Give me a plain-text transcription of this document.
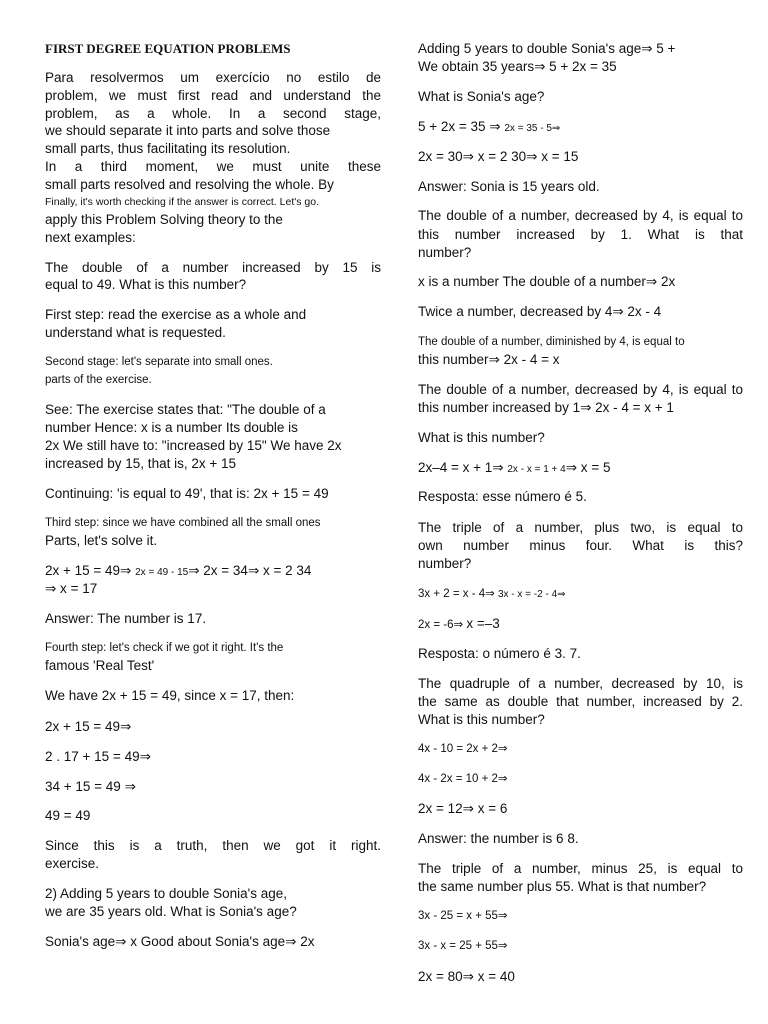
FIRST DEGREE EQUATION PROBLEMS

Para resolvermos um exercício no estilo de

problem, we must first read and understand the

problem, as a whole. In a second stage,

we should separate it into parts and solve those

small parts, thus facilitating its resolution.

In a third moment, we must unite these

small parts resolved and resolving the whole. By

Finally, it's worth checking if the answer is correct. Let's go.

apply this Problem Solving theory to the

next examples:

The double of a number increased by 15 is

equal to 49. What is this number?

First step: read the exercise as a whole and

understand what is requested.

Second stage: let's separate into small ones.

parts of the exercise.

See: The exercise states that: "The double of a

number Hence: x is a number Its double is

2x We still have to: "increased by 15" We have 2x

increased by 15, that is, 2x + 15

Continuing: 'is equal to 49', that is: 2x + 15 = 49

Third step: since we have combined all the small ones

Parts, let's solve it.

2x + 15 = 49⇒ 2x = 49 - 15⇒ 2x = 34⇒ x = 2 34

⇒ x = 17

Answer: The number is 17.

Fourth step: let's check if we got it right. It's the

famous 'Real Test'

We have 2x + 15 = 49, since x = 17, then:

2x + 15 = 49⇒

2 . 17 + 15 = 49⇒

34 + 15 = 49 ⇒

49 = 49

Since this is a truth, then we got it right.

exercise.

2) Adding 5 years to double Sonia's age,

we are 35 years old. What is Sonia's age?

Sonia's age⇒ x Good about Sonia's age⇒ 2x

Adding 5 years to double Sonia's age⇒ 5 +

We obtain 35 years⇒ 5 + 2x = 35

What is Sonia's age?

5 + 2x = 35 ⇒ 2x = 35 - 5⇒

2x = 30⇒ x = 2 30⇒ x = 15

Answer: Sonia is 15 years old.

The double of a number, decreased by 4, is equal to

this number increased by 1. What is that

number?

x is a number The double of a number⇒ 2x

Twice a number, decreased by 4⇒ 2x - 4

The double of a number, diminished by 4, is equal to

this number⇒ 2x - 4 = x

The double of a number, decreased by 4, is equal to

this number increased by 1⇒ 2x - 4 = x + 1

What is this number?

2x–4 = x + 1⇒ 2x - x = 1 + 4⇒ x = 5

Resposta: esse número é 5.

The triple of a number, plus two, is equal to

own number minus four. What is this?

number?

3x + 2 = x - 4⇒ 3x - x = -2 - 4⇒

2x = -6⇒ x =–3

Resposta: o número é 3. 7.

The quadruple of a number, decreased by 10, is

the same as double that number, increased by 2.

What is this number?

4x - 10 = 2x + 2⇒

4x - 2x = 10 + 2⇒

2x = 12⇒ x = 6

Answer: the number is 6 8.

The triple of a number, minus 25, is equal to

the same number plus 55. What is that number?

3x - 25 = x + 55⇒

3x - x = 25 + 55⇒

2x = 80⇒ x = 40
